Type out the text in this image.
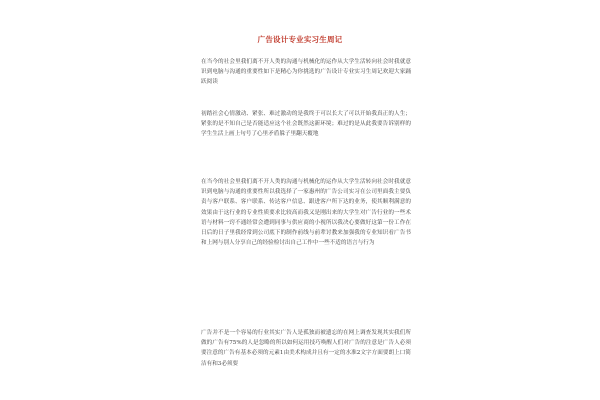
广告设计专业实习生周记
在当今的社会里我们离不开人类的沟通与机械化的运作从大学生活转向社会时我就意识到电脑与沟通的重要性如下是精心为你挑选的广告设计专业实习生周记欢迎大家踊跃阅读
初踏社会心情激动、紧张、难过激动的是我终于可以长大了可以开始我真正的人生；紧张的是不知自己是否能适应这个社会既然这新环境；难过的是从此我要告诉别样的学生生活上画上句号了心里矛盾躲子里翻天覆地
在当今的社会里我们离不开人类的沟通与机械化的运作从大学生活转向社会时我就意识到电脑与沟通的重要性所以我选择了一家惠州的广告公司实习在公司里面我主要负责与客户联系、客户联系、传达客户信息、跟进客户所下达的业务，使其顺利满意的效果由于这行业的专业性质要求比较高而我又是刚出来的大学生对广告行业的一些术语与材料一窍不通经常会遭到同事与供应商的小视所以我决心要做好这第一份工作在日后的日子里我经常到公司底下的制作前线与前辈讨教来加强我的专业知识看广告书和上网与别人分享自己的经验检讨出自己工作中一些不适的语言与行为
广告并不是一个容易的行业其实广告人是孤独而被遗忘的在网上调查发现其实我们所做的广告有75%的人是忽略的所以如何运用技巧唤醒人们对广告的注意是广告人必须要注意的广告有基本必须的元素1由美术构成并且有一定的水准2文字方面要朗上口简洁有和3必须要
